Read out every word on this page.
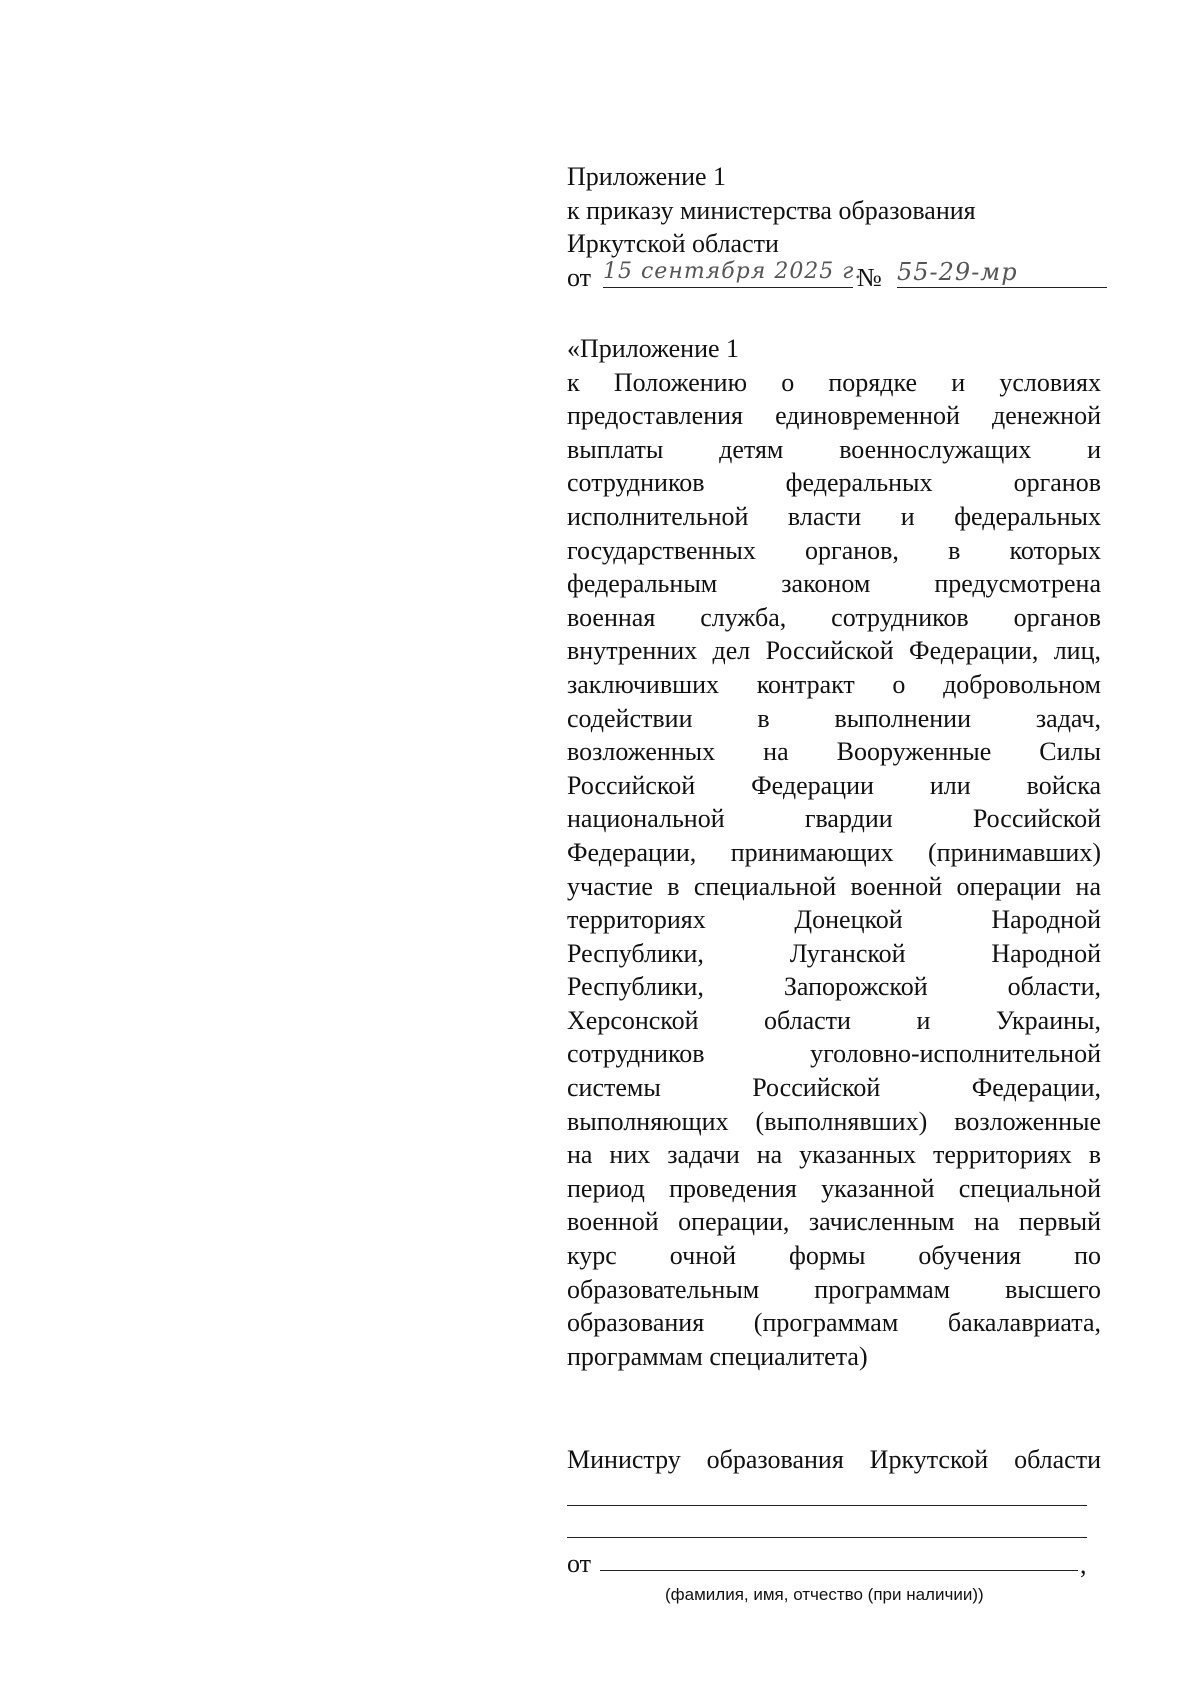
Приложение 1
к приказу министерства образования
Иркутской области
от 15 сентября 2025 г.
№ 55-29-мр
«Приложение 1
к Положению о порядке и условиях
предоставления единовременной денежной
выплаты детям военнослужащих и
сотрудников федеральных органов
исполнительной власти и федеральных
государственных органов, в которых
федеральным законом предусмотрена
военная служба, сотрудников органов
внутренних дел Российской Федерации, лиц,
заключивших контракт о добровольном
содействии в выполнении задач,
возложенных на Вооруженные Силы
Российской Федерации или войска
национальной гвардии Российской
Федерации, принимающих (принимавших)
участие в специальной военной операции на
территориях Донецкой Народной
Республики, Луганской Народной
Республики, Запорожской области,
Херсонской области и Украины,
сотрудников уголовно-исполнительной
системы Российской Федерации,
выполняющих (выполнявших) возложенные
на них задачи на указанных территориях в
период проведения указанной специальной
военной операции, зачисленным на первый
курс очной формы обучения по
образовательным программам высшего
образования (программам бакалавриата,
программам специалитета)
Министру образования Иркутской области
от	,
(фамилия, имя, отчество (при наличии))
